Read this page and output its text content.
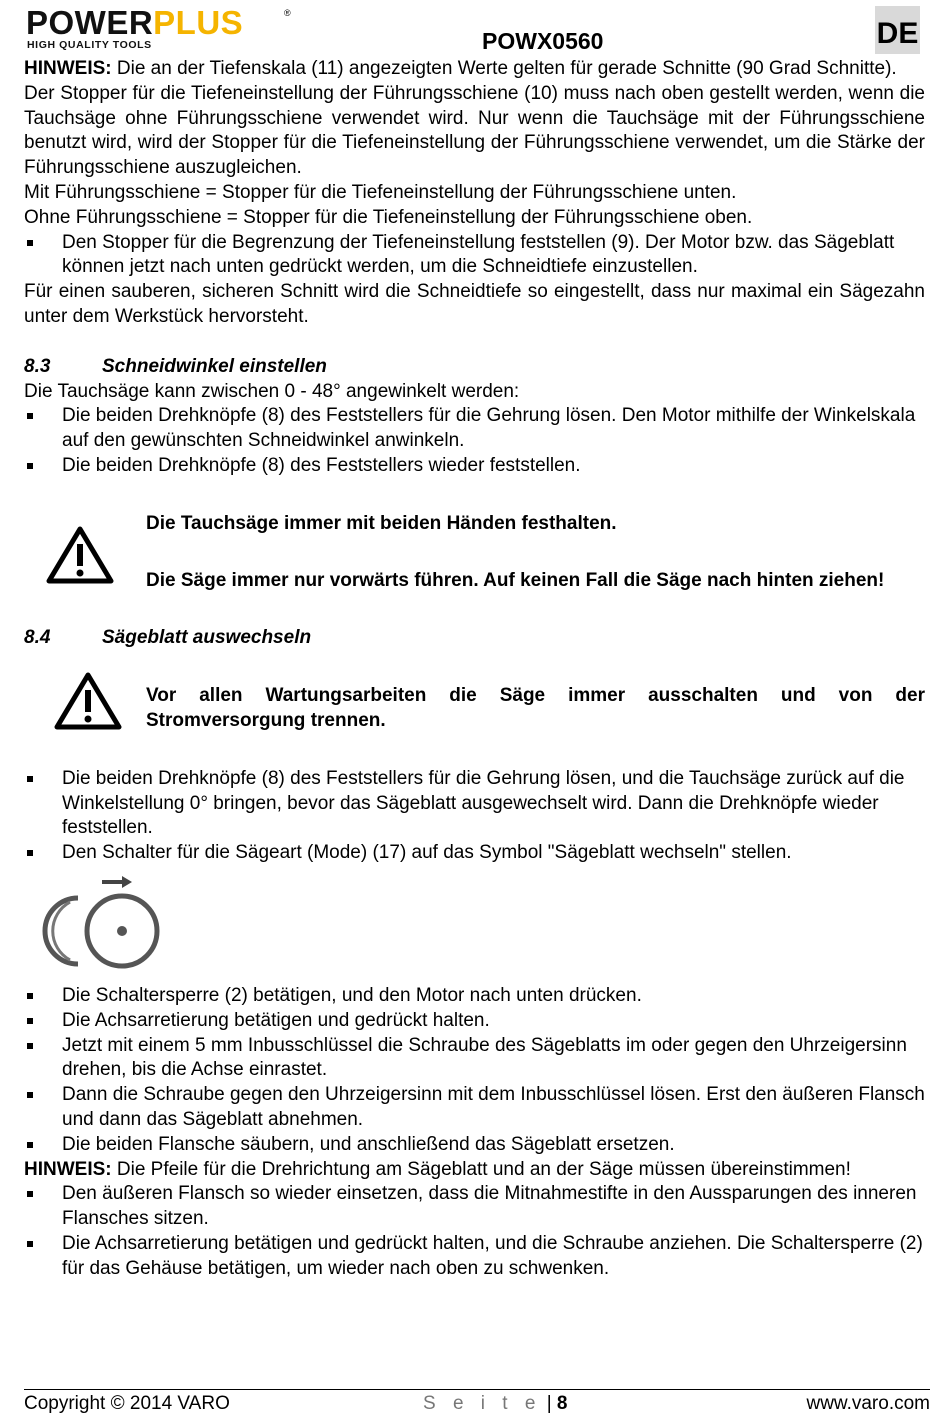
POWERPLUS	®
HIGH QUALITY TOOLS	POWX0560	DE

HINWEIS: Die an der Tiefenskala (11) angezeigten Werte gelten für gerade Schnitte (90 Grad Schnitte).

Der Stopper für die Tiefeneinstellung der Führungsschiene (10) muss nach oben gestellt werden, wenn die Tauchsäge ohne Führungsschiene verwendet wird. Nur wenn die Tauchsäge mit der Führungsschiene benutzt wird, wird der Stopper für die Tiefeneinstellung der Führungsschiene verwendet, um die Stärke der Führungsschiene auszugleichen.

Mit Führungsschiene = Stopper für die Tiefeneinstellung der Führungsschiene unten.

Ohne Führungsschiene = Stopper für die Tiefeneinstellung der Führungsschiene oben.

Den Stopper für die Begrenzung der Tiefeneinstellung feststellen (9). Der Motor bzw. das Sägeblatt können jetzt nach unten gedrückt werden, um die Schneidtiefe einzustellen.

Für einen sauberen, sicheren Schnitt wird die Schneidtiefe so eingestellt, dass nur maximal ein Sägezahn unter dem Werkstück hervorsteht.

8.3	Schneidwinkel einstellen

Die Tauchsäge kann zwischen 0 - 48° angewinkelt werden:

Die beiden Drehknöpfe (8) des Feststellers für die Gehrung lösen. Den Motor mithilfe der Winkelskala auf den gewünschten Schneidwinkel anwinkeln.

Die beiden Drehknöpfe (8) des Feststellers wieder feststellen.

Die Tauchsäge immer mit beiden Händen festhalten.
Die Säge immer nur vorwärts führen. Auf keinen Fall die Säge nach hinten ziehen!

8.4	Sägeblatt auswechseln

Vor allen Wartungsarbeiten die Säge immer ausschalten und von der Stromversorgung trennen.

Die beiden Drehknöpfe (8) des Feststellers für die Gehrung lösen, und die Tauchsäge zurück auf die Winkelstellung 0° bringen, bevor das Sägeblatt ausgewechselt wird. Dann die Drehknöpfe wieder feststellen.

Den Schalter für die Sägeart (Mode) (17) auf das Symbol "Sägeblatt wechseln" stellen.

Die Schaltersperre (2) betätigen, und den Motor nach unten drücken.

Die Achsarretierung betätigen und gedrückt halten.

Jetzt mit einem 5 mm Inbusschlüssel die Schraube des Sägeblatts im oder gegen den Uhrzeigersinn drehen, bis die Achse einrastet.

Dann die Schraube gegen den Uhrzeigersinn mit dem Inbusschlüssel lösen. Erst den äußeren Flansch und dann das Sägeblatt abnehmen.

Die beiden Flansche säubern, und anschließend das Sägeblatt ersetzen.

HINWEIS: Die Pfeile für die Drehrichtung am Sägeblatt und an der Säge müssen übereinstimmen!

Den äußeren Flansch so wieder einsetzen, dass die Mitnahmestifte in den Aussparungen des inneren Flansches sitzen.

Die Achsarretierung betätigen und gedrückt halten, und die Schraube anziehen. Die Schaltersperre (2) für das Gehäuse betätigen, um wieder nach oben zu schwenken.

Copyright © 2014 VARO	S e i t e | 8	www.varo.com
